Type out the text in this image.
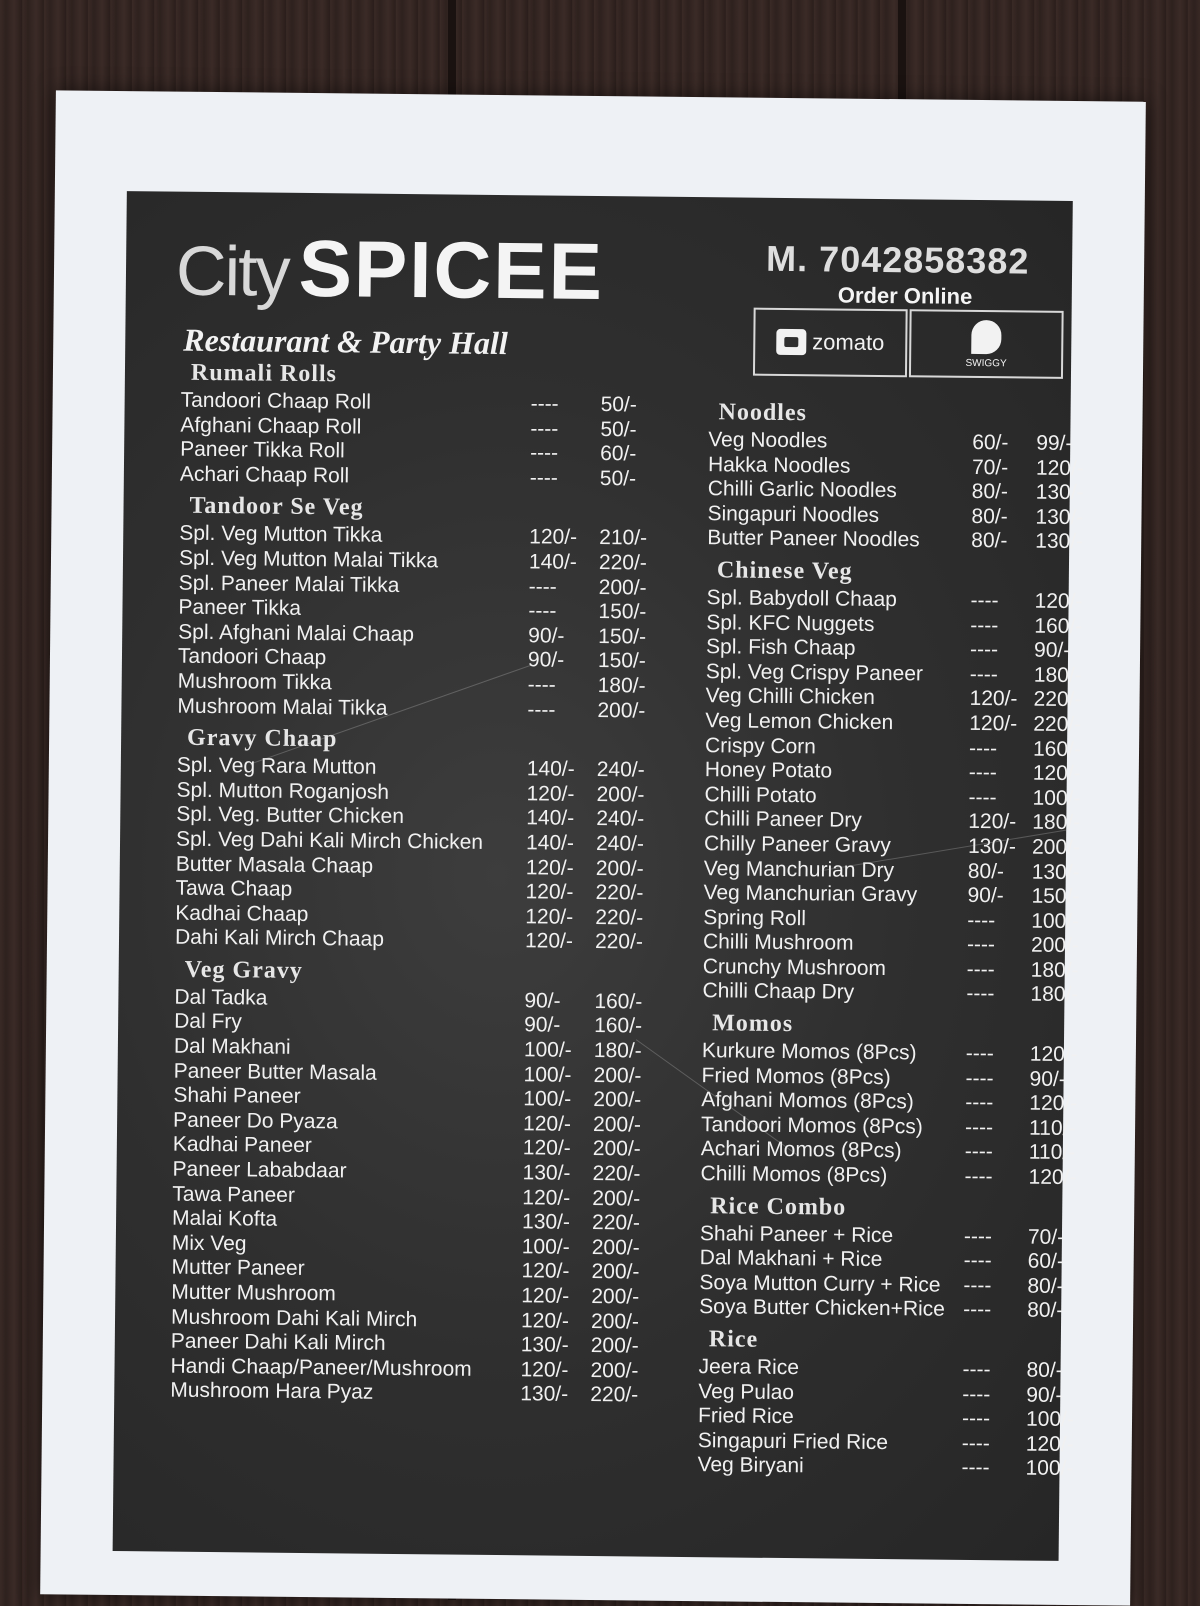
City SPICEE
Restaurant & Party Hall
M. 7042858382
Order Online
zomato
SWIGGY
Rumali Rolls
Tandoori Chaap Roll	---- 50/-
Afghani Chaap Roll	---- 50/-
Paneer Tikka Roll	---- 60/-
Achari Chaap Roll	---- 50/-
Tandoor Se Veg
Spl. Veg Mutton Tikka	120/- 210/-
Spl. Veg Mutton Malai Tikka	140/- 220/-
Spl. Paneer Malai Tikka	---- 200/-
Paneer Tikka	---- 150/-
Spl. Afghani Malai Chaap	90/- 150/-
Tandoori Chaap	90/- 150/-
Mushroom Tikka	---- 180/-
Mushroom Malai Tikka	---- 200/-
Gravy Chaap
Spl. Veg Rara Mutton	140/- 240/-
Spl. Mutton Roganjosh	120/- 200/-
Spl. Veg. Butter Chicken	140/- 240/-
Spl. Veg Dahi Kali Mirch Chicken 140/- 240/-
Butter Masala Chaap	120/- 200/-
Tawa Chaap	120/- 220/-
Kadhai Chaap	120/- 220/-
Dahi Kali Mirch Chaap	120/- 220/-
Veg Gravy
Dal Tadka	90/- 160/-
Dal Fry	90/- 160/-
Dal Makhani	100/- 180/-
Paneer Butter Masala	100/- 200/-
Shahi Paneer	100/- 200/-
Paneer Do Pyaza	120/- 200/-
Kadhai Paneer	120/- 200/-
Paneer Lababdaar	130/- 220/-
Tawa Paneer	120/- 200/-
Malai Kofta	130/- 220/-
Mix Veg	100/- 200/-
Mutter Paneer	120/- 200/-
Mutter Mushroom	120/- 200/-
Mushroom Dahi Kali Mirch	120/- 200/-
Paneer Dahi Kali Mirch	130/- 200/-
Handi Chaap/Paneer/Mushroom 120/- 200/-
Mushroom Hara Pyaz	130/- 220/-
Noodles
Veg Noodles	60/- 99/-
Hakka Noodles	70/- 120/-
Chilli Garlic Noodles	80/- 130/-
Singapuri Noodles	80/- 130/-
Butter Paneer Noodles 80/- 130/-
Chinese Veg
Spl. Babydoll Chaap	---- 120/-
Spl. KFC Nuggets	---- 160/-
Spl. Fish Chaap	---- 90/-
Spl. Veg Crispy Paneer ---- 180/-
Veg Chilli Chicken	120/- 220/-
Veg Lemon Chicken	120/- 220/-
Crispy Corn	---- 160/-
Honey Potato	---- 120/-
Chilli Potato	---- 100/-
Chilli Paneer Dry	120/- 180/-
Chilly Paneer Gravy	130/- 200/-
Veg Manchurian Dry	80/- 130/-
Veg Manchurian Gravy 90/- 150/-
Spring Roll	---- 100/-
Chilli Mushroom	---- 200/-
Crunchy Mushroom	---- 180/-
Chilli Chaap Dry	---- 180/-
Momos
Kurkure Momos (8Pcs) ---- 120/-
Fried Momos (8Pcs)	---- 90/-
Afghani Momos (8Pcs) ---- 120/-
Tandoori Momos (8Pcs) ---- 110/-
Achari Momos (8Pcs)	---- 110/-
Chilli Momos (8Pcs)	---- 120/-
Rice Combo
Shahi Paneer + Rice	---- 70/-
Dal Makhani + Rice	---- 60/-
Soya Mutton Curry + Rice ---- 80/-
Soya Butter Chicken+Rice ---- 80/-
Rice
Jeera Rice	---- 80/-
Veg Pulao	---- 90/-
Fried Rice	---- 100/-
Singapuri Fried Rice	---- 120/-
Veg Biryani	---- 100/-
